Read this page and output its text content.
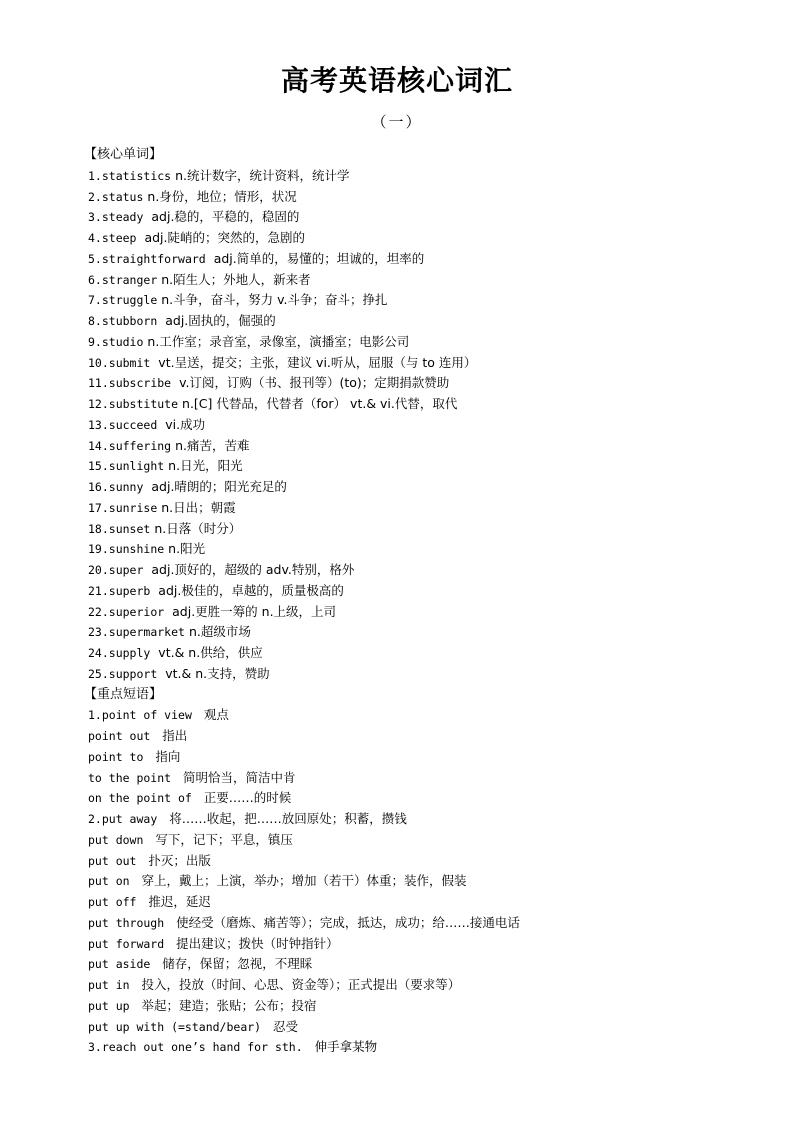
高考英语核心词汇
（一）
【核心单词】
1.statistics n.统计数字，统计资料，统计学
2.status n.身份，地位；情形，状况
3.steady adj.稳的，平稳的，稳固的
4.steep adj.陡峭的；突然的，急剧的
5.straightforward adj.简单的，易懂的；坦诚的，坦率的
6.stranger n.陌生人；外地人，新来者
7.struggle n.斗争，奋斗，努力 v.斗争；奋斗；挣扎
8.stubborn adj.固执的，倔强的
9.studio n.工作室；录音室，录像室，演播室；电影公司
10.submit vt.呈送，提交；主张，建议 vi.听从，屈服（与 to 连用）
11.subscribe v.订阅，订购（书、报刊等）(to)；定期捐款赞助
12.substitute n.[C] 代替品，代替者（for） vt.& vi.代替，取代
13.succeed vi.成功
14.suffering n.痛苦，苦难
15.sunlight n.日光，阳光
16.sunny adj.晴朗的；阳光充足的
17.sunrise n.日出；朝霞
18.sunset n.日落（时分）
19.sunshine n.阳光
20.super adj.顶好的，超级的 adv.特别，格外
21.superb adj.极佳的，卓越的，质量极高的
22.superior adj.更胜一筹的 n.上级，上司
23.supermarket n.超级市场
24.supply vt.& n.供给，供应
25.support vt.& n.支持，赞助
【重点短语】
1.point of view  观点
point out  指出
point to  指向
to the point  简明恰当，简洁中肯
on the point of  正要……的时候
2.put away  将……收起，把……放回原处；积蓄，攒钱
put down  写下，记下；平息，镇压
put out  扑灭；出版
put on  穿上，戴上；上演，举办；增加（若干）体重；装作，假装
put off  推迟，延迟
put through  使经受（磨炼、痛苦等）；完成，抵达，成功；给……接通电话
put forward  提出建议；拨快（时钟指针）
put aside  储存，保留；忽视，不理睬
put in  投入，投放（时间、心思、资金等）；正式提出（要求等）
put up  举起；建造；张贴；公布；投宿
put up with (=stand/bear)  忍受
3.reach out one’s hand for sth.  伸手拿某物
